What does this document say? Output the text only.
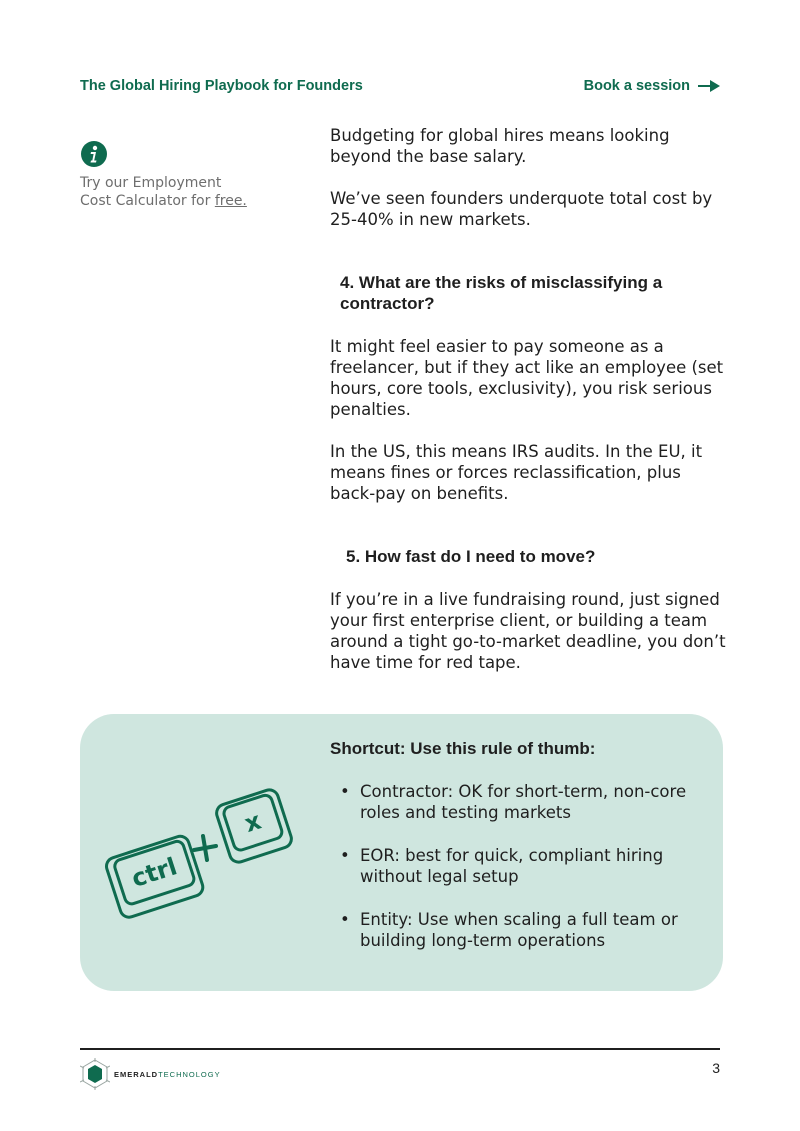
The Global Hiring Playbook for Founders	Book a session
Try our Employment
Cost Calculator for free.

Budgeting for global hires means looking beyond the base salary.

We’ve seen founders underquote total cost by 25-40% in new markets.

4. What are the risks of misclassifying a contractor?

It might feel easier to pay someone as a freelancer, but if they act like an employee (set hours, core tools, exclusivity), you risk serious penalties.

In the US, this means IRS audits. In the EU, it means fines or forces reclassification, plus back-pay on benefits.

5. How fast do I need to move?

If you’re in a live fundraising round, just signed your first enterprise client, or building a team around a tight go-to-market deadline, you don’t have time for red tape.

ctrl
x
Shortcut: Use this rule of thumb:
• Contractor: OK for short-term, non-core roles and testing markets
• EOR: best for quick, compliant hiring without legal setup
• Entity: Use when scaling a full team or building long-term operations
EMERALDTECHNOLOGY	3
